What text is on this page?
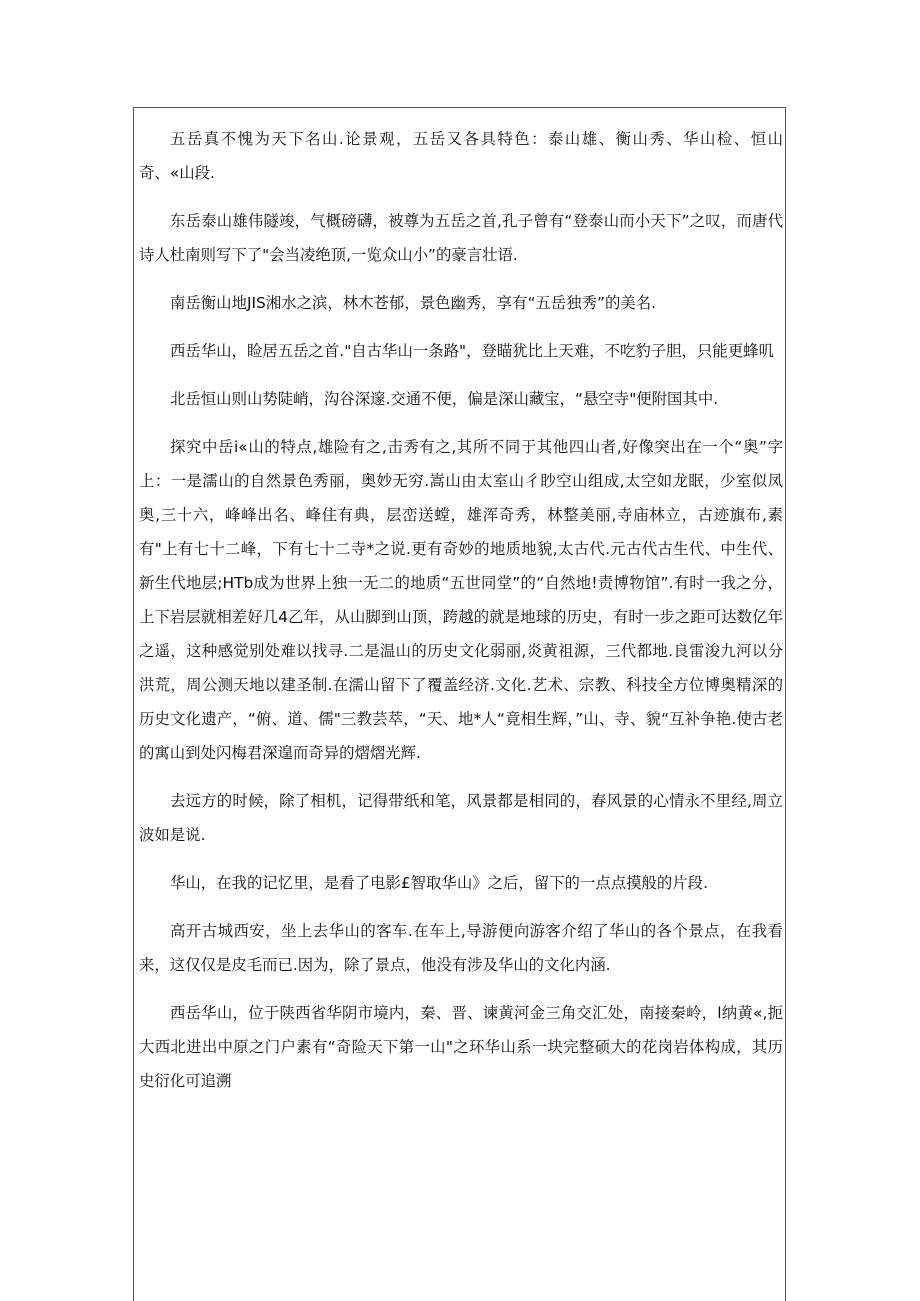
五岳真不愧为天下名山.论景观，五岳又各具特色：泰山雄、衡山秀、华山检、恒山奇、«山段.

东岳泰山雄伟隧竣，气概磅礴，被尊为五岳之首,孔子曾有“登泰山而小天下”之叹，而唐代诗人杜南则写下了"会当凌绝顶,一览众山小”的豪言壮语.

南岳衡山地JIS湘水之滨，林木苍郁，景色幽秀，享有“五岳独秀”的美名.

西岳华山，睑居五岳之首."自古华山一条路"，登瞄犹比上天难，不吃豹子胆，只能更蜂叽

北岳恒山则山势陡峭，沟谷深邃.交通不便，偏是深山藏宝，“悬空寺"便附国其中.

探究中岳i«山的特点,雄险有之,击秀有之,其所不同于其他四山者,好像突出在一个“奥”字上：一是濡山的自然景色秀丽，奥妙无穷.嵩山由太室山彳眇空山组成,太空如龙眠，少室似凤奥,三十六，峰峰出名、峰住有典，层峦送螳，雄浑奇秀，林整美丽,寺庙林立，古迹旗布,素有"上有七十二峰，下有七十二寺*之说.更有奇妙的地质地貌,太古代.元古代古生代、中生代、新生代地层;HTb成为世界上独一无二的地质“五世同堂”的“自然地!责博物馆”.有时一我之分，上下岩层就相差好几4乙年，从山脚到山顶，跨越的就是地球的历史，有时一步之距可达数亿年之遥，这种感觉别处难以找寻.二是温山的历史文化弱丽,炎黄祖源，三代都地.良雷浚九河以分洪荒，周公测天地以建圣制.在濡山留下了覆盖经济.文化.艺术、宗教、科技全方位博奥精深的历史文化遗产，“俯、道、儒"三教芸萃，“天、地*人“竟相生辉，”山、寺、貌“互补争艳.使古老的寓山到处闪梅君深遑而奇异的熠熠光辉.

去远方的时候，除了相机，记得带纸和笔，风景都是相同的，春风景的心情永不里经,周立波如是说.

华山，在我的记忆里，是看了电影£智取华山》之后，留下的一点点摸般的片段.

高开古城西安，坐上去华山的客车.在车上,导游便向游客介绍了华山的各个景点，在我看来，这仅仅是皮毛而已.因为，除了景点，他没有涉及华山的文化内涵.

西岳华山，位于陕西省华阴市境内，秦、晋、谏黄河金三角交汇处，南接秦岭，l纳黄«,扼大西北进出中原之门户素有“奇险天下第一山"之环华山系一块完整硕大的花岗岩体构成，其历史衍化可追溯
